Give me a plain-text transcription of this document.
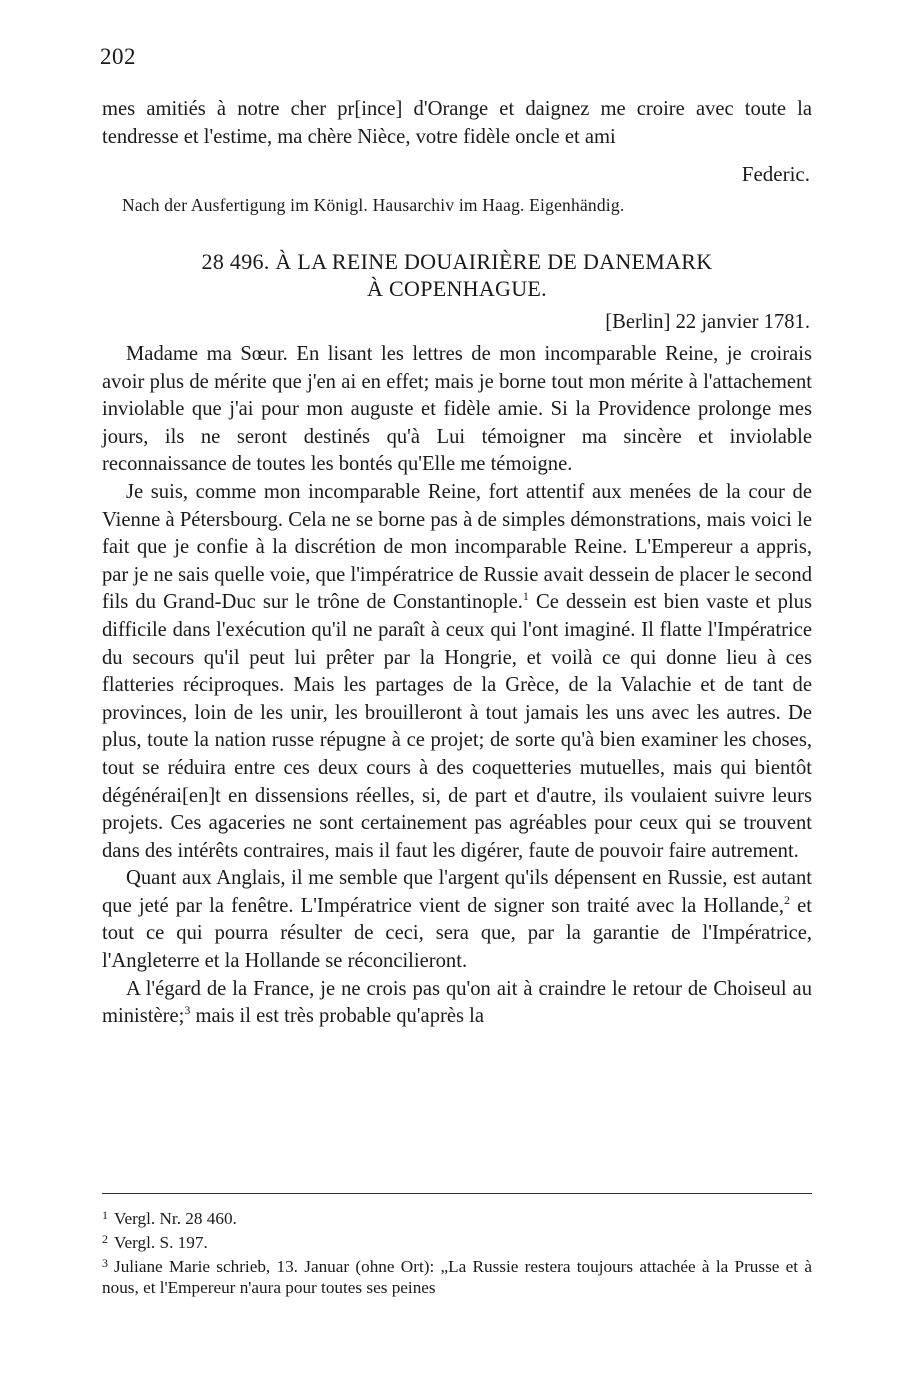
202
mes amitiés à notre cher pr[ince] d'Orange et daignez me croire avec toute la tendresse et l'estime, ma chère Nièce, votre fidèle oncle et ami
Federic.
Nach der Ausfertigung im Königl. Hausarchiv im Haag. Eigenhändig.
28 496. À LA REINE DOUAIRIÈRE DE DANEMARK
À COPENHAGUE.
[Berlin] 22 janvier 1781.

Madame ma Sœur. En lisant les lettres de mon incomparable Reine, je croirais avoir plus de mérite que j'en ai en effet; mais je borne tout mon mérite à l'attachement inviolable que j'ai pour mon auguste et fidèle amie. Si la Providence prolonge mes jours, ils ne seront destinés qu'à Lui témoigner ma sincère et inviolable reconnaissance de toutes les bontés qu'Elle me témoigne.

Je suis, comme mon incomparable Reine, fort attentif aux menées de la cour de Vienne à Pétersbourg. Cela ne se borne pas à de simples démonstrations, mais voici le fait que je confie à la discrétion de mon incomparable Reine. L'Empereur a appris, par je ne sais quelle voie, que l'impératrice de Russie avait dessein de placer le second fils du Grand-Duc sur le trône de Constantinople.$^1$ Ce dessein est bien vaste et plus difficile dans l'exécution qu'il ne paraît à ceux qui l'ont imaginé. Il flatte l'Impératrice du secours qu'il peut lui prêter par la Hongrie, et voilà ce qui donne lieu à ces flatteries réciproques. Mais les partages de la Grèce, de la Valachie et de tant de provinces, loin de les unir, les brouilleront à tout jamais les uns avec les autres. De plus, toute la nation russe répugne à ce projet; de sorte qu'à bien examiner les choses, tout se réduira entre ces deux cours à des coquetteries mutuelles, mais qui bientôt dégénérai[en]t en dissensions réelles, si, de part et d'autre, ils voulaient suivre leurs projets. Ces agaceries ne sont certainement pas agréables pour ceux qui se trouvent dans des intérêts contraires, mais il faut les digérer, faute de pouvoir faire autrement.

Quant aux Anglais, il me semble que l'argent qu'ils dépensent en Russie, est autant que jeté par la fenêtre. L'Impératrice vient de signer son traité avec la Hollande,$^2$ et tout ce qui pourra résulter de ceci, sera que, par la garantie de l'Impératrice, l'Angleterre et la Hollande se réconcilieront.

A l'égard de la France, je ne crois pas qu'on ait à craindre le retour de Choiseul au ministère;$^3$ mais il est très probable qu'après la

$^1$ Vergl. Nr. 28 460.

$^2$ Vergl. S. 197.

$^3$ Juliane Marie schrieb, 13. Januar (ohne Ort): „La Russie restera toujours attachée à la Prusse et à nous, et l'Empereur n'aura pour toutes ses peines
